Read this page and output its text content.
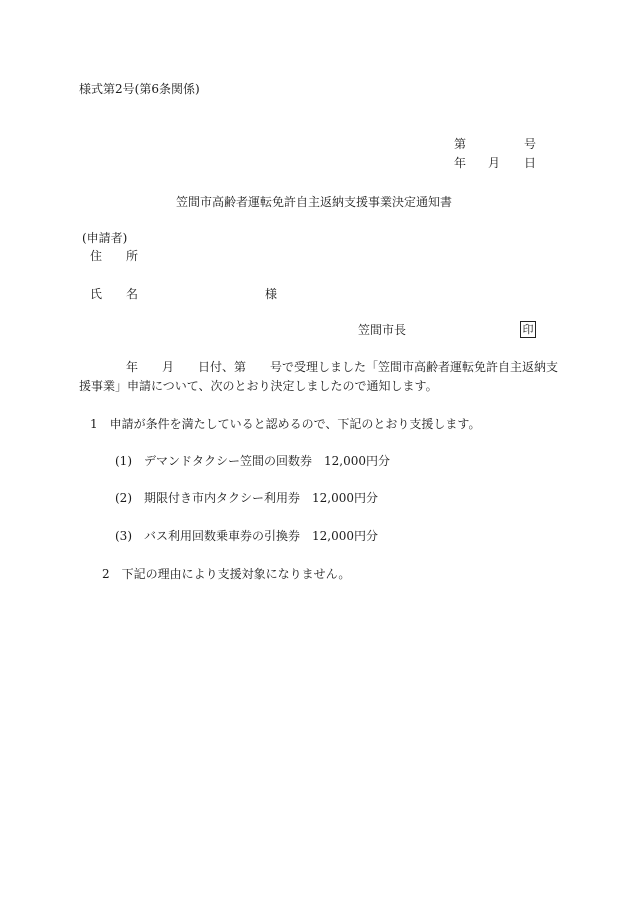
様式第2号(第6条関係)
第	号
年 月 日
笠間市高齢者運転免許自主返納支援事業決定通知書
(申請者)
住　　所
氏　　名	様
笠間市長	印
年　　月　　日付、第　　号で受理しました「笠間市高齢者運転免許自主返納支
援事業」申請について、次のとおり決定しましたので通知します。
1　申請が条件を満たしていると認めるので、下記のとおり支援します。
(1)　デマンドタクシー笠間の回数券　12,000円分
(2)　期限付き市内タクシー利用券　12,000円分
(3)　バス利用回数乗車券の引換券　12,000円分
2　下記の理由により支援対象になりません。
